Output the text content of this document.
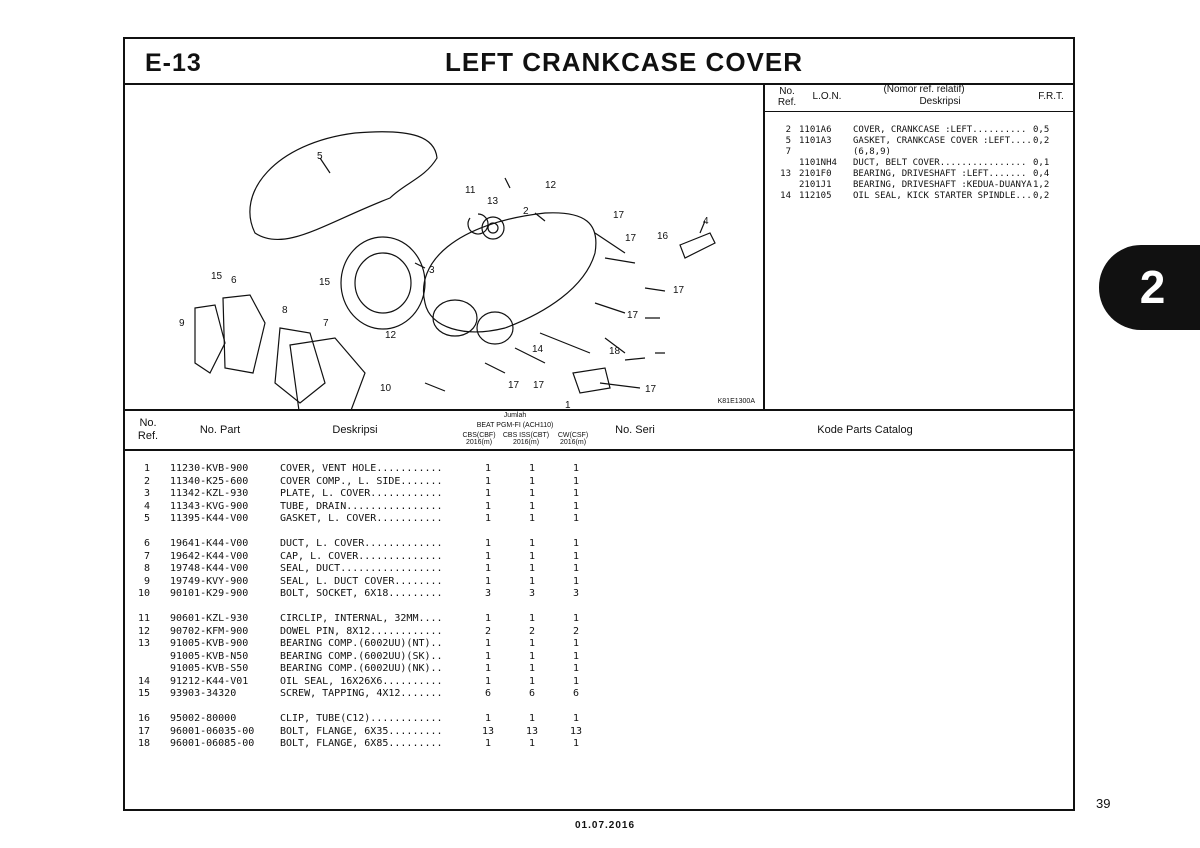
E-13	LEFT CRANKCASE COVER
5
3
4
12
11
13
2	17
17 16
17
17
18
17
14
17 17
1
15 6	15
8
9	7
12
10
K81E1300A
No.
Ref.
L.O.N.
(Nomor ref. relatif)
Deskripsi	F.R.T.
2 1101A6	COVER, CRANKCASE :LEFT.......... 0,5
5 1101A3	GASKET, CRANKCASE COVER :LEFT.... 0,2
7	(6,8,9)
1101NH4	DUCT, BELT COVER................ 0,1
13 2101F0	BEARING, DRIVESHAFT :LEFT....... 0,4
2101J1	BEARING, DRIVESHAFT :KEDUA-DUANYA 1,2
14 112105	OIL SEAL, KICK STARTER SPINDLE... 0,2
No.
Ref.	No. Part	Deskripsi
Jumlah
BEAT PGM-FI (ACH110)
CBS(CBF)
2016(m)
CBS ISS(CBT)
2016(m)
CW(CSF)
2016(m)
No. Seri	Kode Parts Catalog
1	11230-KVB-900	COVER, VENT HOLE...........	1	1	1
2	11340-K25-600	COVER COMP., L. SIDE.......	1	1	1
3	11342-KZL-930	PLATE, L. COVER............	1	1	1
4	11343-KVG-900	TUBE, DRAIN................	1	1	1
5	11395-K44-V00	GASKET, L. COVER...........	1	1	1
6	19641-K44-V00	DUCT, L. COVER.............	1	1	1
7	19642-K44-V00	CAP, L. COVER..............	1	1	1
8	19748-K44-V00	SEAL, DUCT.................	1	1	1
9	19749-KVY-900	SEAL, L. DUCT COVER........	1	1	1
10	90101-K29-900	BOLT, SOCKET, 6X18.........	3	3	3
11	90601-KZL-930	CIRCLIP, INTERNAL, 32MM....	1	1	1
12	90702-KFM-900	DOWEL PIN, 8X12............	2	2	2
13	91005-KVB-900	BEARING COMP.(6002UU)(NT)..	1	1	1
91005-KVB-N50	BEARING COMP.(6002UU)(SK)..	1	1	1
91005-KVB-S50	BEARING COMP.(6002UU)(NK)..	1	1	1
14	91212-K44-V01	OIL SEAL, 16X26X6..........	1	1	1
15	93903-34320	SCREW, TAPPING, 4X12.......	6	6	6
16	95002-80000	CLIP, TUBE(C12)............	1	1	1
17	96001-06035-00	BOLT, FLANGE, 6X35.........	13	13	13
18	96001-06085-00	BOLT, FLANGE, 6X85.........	1	1	1
2
39
01.07.2016
